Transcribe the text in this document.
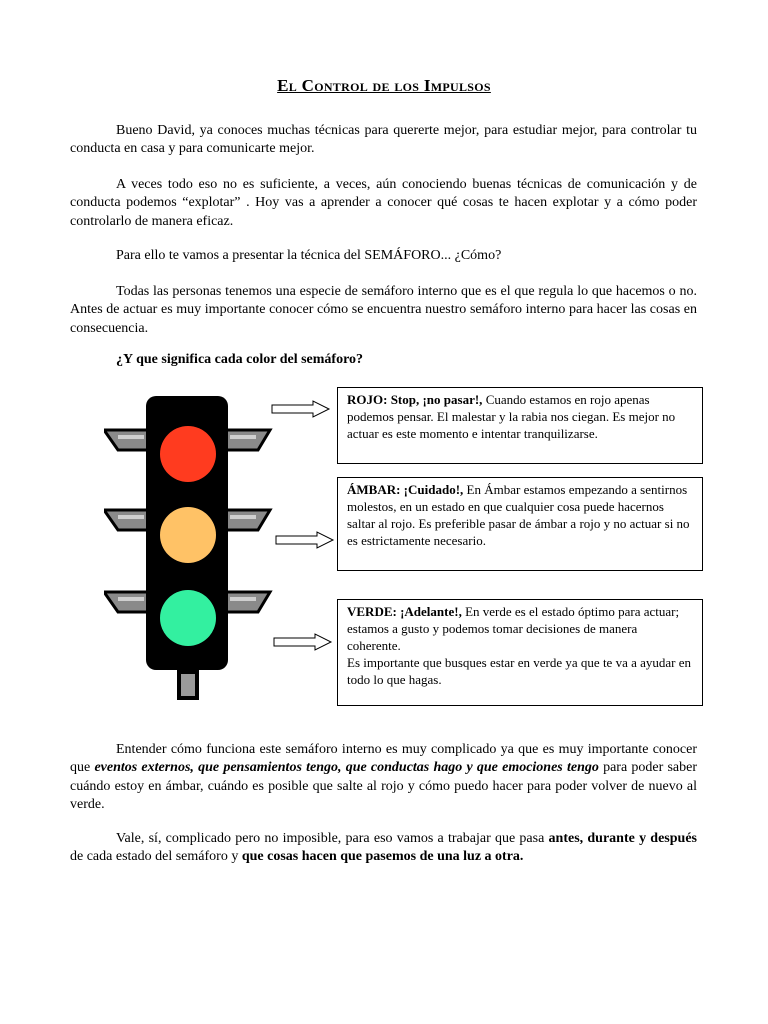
El Control de los Impulsos
Bueno David, ya conoces muchas técnicas para quererte mejor, para estudiar mejor, para controlar tu conducta en casa y para comunicarte mejor.
A veces todo eso no es suficiente, a veces, aún conociendo buenas técnicas de comunicación y de conducta podemos “explotar” . Hoy vas a aprender a conocer qué cosas te hacen explotar y a cómo poder controlarlo de manera eficaz.
Para ello te vamos a presentar la técnica del SEMÁFORO... ¿Cómo?
Todas las personas tenemos una especie de semáforo interno que es el que regula lo que hacemos o no. Antes de actuar es muy importante conocer cómo se encuentra nuestro semáforo interno para hacer las cosas en consecuencia.
¿Y que significa cada color del semáforo?
ROJO: Stop, ¡no pasar!, Cuando estamos en rojo apenas podemos pensar. El malestar y la rabia nos ciegan. Es mejor no actuar es este momento e intentar tranquilizarse.
ÁMBAR: ¡Cuidado!, En Ámbar estamos empezando a sentirnos molestos, en un estado en que cualquier cosa puede hacernos saltar al rojo. Es preferible pasar de ámbar a rojo y no actuar si no es estrictamente necesario.
VERDE: ¡Adelante!, En verde es el estado óptimo para actuar; estamos a gusto y podemos tomar decisiones de manera coherente.
Es importante que busques estar en verde ya que te va a ayudar en todo lo que hagas.
Entender cómo funciona este semáforo interno es muy complicado ya que es muy importante conocer que eventos externos, que pensamientos tengo, que conductas hago y que emociones tengo para poder saber cuándo estoy en ámbar, cuándo es posible que salte al rojo y cómo puedo hacer para poder volver de nuevo al verde.
Vale, sí, complicado pero no imposible, para eso vamos a trabajar que pasa antes, durante y después de cada estado del semáforo y que cosas hacen que pasemos de una luz a otra.
